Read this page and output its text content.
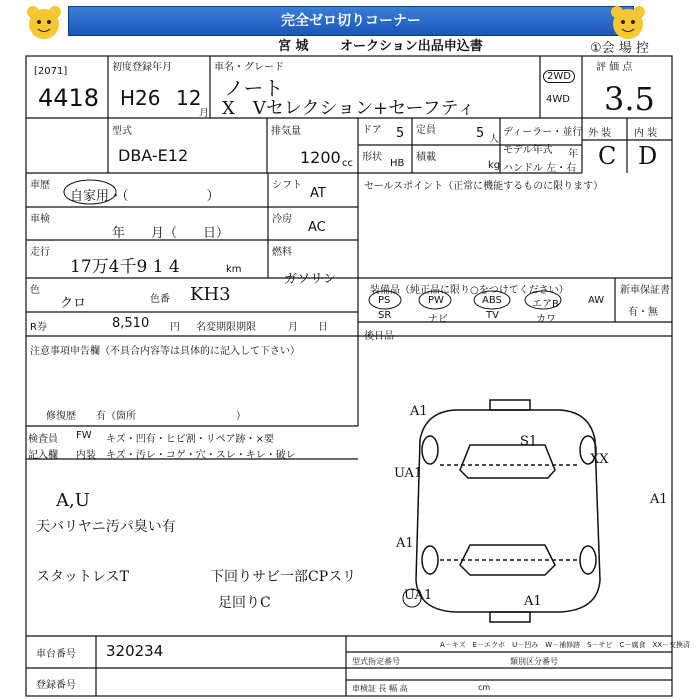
完全ゼロ切りコーナー
宮 城 オークション出品申込書	①会 場 控
[2071]
4418
初度登録年月
H26 12
月
車名・グレード
ノート
X　Vセレクション+セーフティ
2WD
4WD
評 価 点
3.5
外 装 内 装
C D
型式
DBA-E12
排気量
1200 cc
ドア 5 定員	5 人
ディーラー・並行
形状
HB
積載
kg
モデル年式 年
ハンドル 左・右
車歴
自家用・（　　　　　　）
シフト
AT	セールスポイント（正常に機能するものに限ります）
車検
年　　月（　　日）
冷房
AC
走行
17万4千9 1 4	km
燃料
ガソリン
色
クロ	色番 KH3
R券	8,510 円 名変期限期限	月　　日
装備品（純正品に限り○をつけてください）
PS	PW	ABS	エアB	AW
SR	ナビ	TV	カワ
新車保証書
有・無
後日品
注意事項申告欄（不具合内容等は具体的に記入して下さい）
修復歴　　有（箇所　　　　　　　　　　）
検査員
記入欄
FW キズ・凹有・ヒビ割・リペア跡・×要
内装 キズ・汚レ・コゲ・穴・スレ・キレ・破レ
A,U
天バリヤニ汚パ臭い有
スタットレスT	下回りサビ一部CPスリ
足回りC
A1
S1
XX
UA1
A1
A1
UA1	A1
A－キズ　E－エクボ　U－凹み　W－補修跡　S－サビ　C－腐食　XX－交換済
車台番号 320234
登録番号
型式指定番号	類別区分番号
車検証 長 幅 高	cm
